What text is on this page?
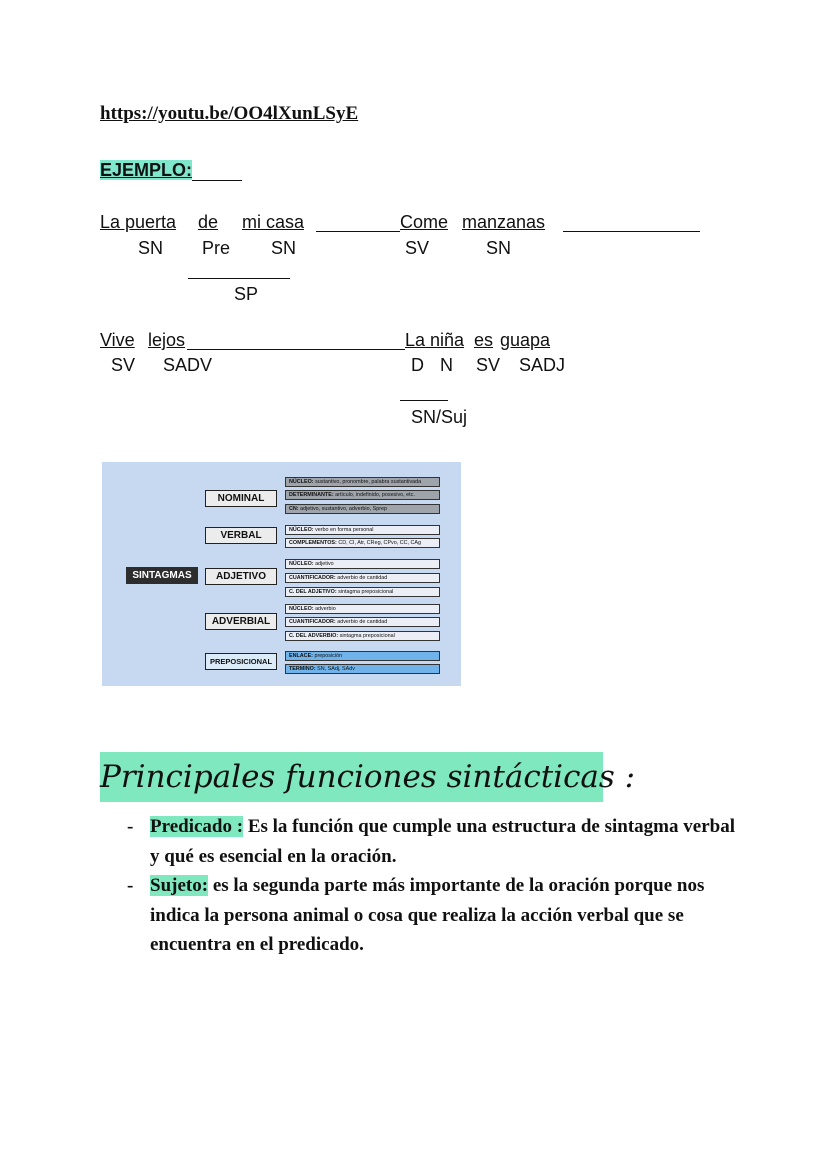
https://youtu.be/OO4lXunLSyE
EJEMPLO:
La puerta de mi casa
SN Pre SN
SP
Come manzanas
SV	SN
Vive lejos
SV SADV
La niña es guapa
D N SV SADJ
SN/Suj
SINTAGMAS
NOMINAL
VERBAL
ADJETIVO
ADVERBIAL
PREPOSICIONAL
NÚCLEO: sustantivo, pronombre, palabra sustantivada
DETERMINANTE: artículo, indefinido, posesivo, etc.
CN: adjetivo, sustantivo, adverbio, Sprep
NÚCLEO: verbo en forma personal
COMPLEMENTOS: CD, CI, Atr, CReg, CPvo, CC, CAg
NÚCLEO: adjetivo
CUANTIFICADOR: adverbio de cantidad
C. DEL ADJETIVO: sintagma preposicional
NÚCLEO: adverbio
CUANTIFICADOR: adverbio de cantidad
C. DEL ADVERBIO: sintagma preposicional
ENLACE: preposición
TERMINO: SN, SAdj, SAdv
Principales funciones sintácticas :
- Predicado : Es la función que cumple una estructura de sintagma verbal y qué es esencial en la oración.
- Sujeto: es la segunda parte más importante de la oración porque nos indica la persona animal o cosa que realiza la acción verbal que se encuentra en el predicado.
